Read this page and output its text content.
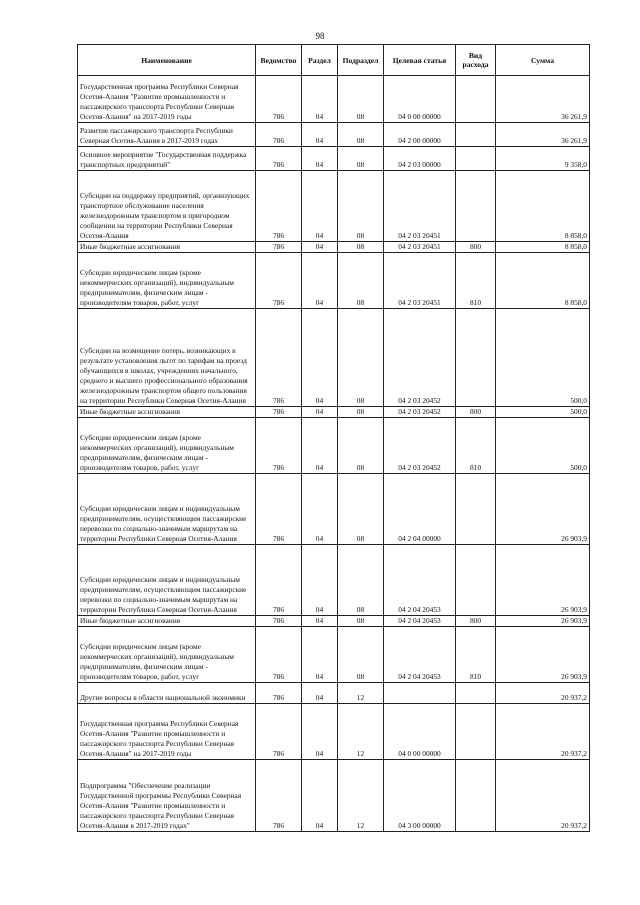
98
Наименование	Ведомство	Раздел	Подраздел	Целевая статья	Вид расхода	Сумма
Государственная программа Республики Северная Осетия-Алания "Развитие промышленности и пассажирского транспорта Республики Северная Осетия-Алания" на 2017-2019 годы	786	04	08	04 0 00 00000		36 261,9
Развитие пассажирского транспорта Республики Северная Осетия-Алания в 2017-2019 годах	786	04	08	04 2 00 00000		36 261,9
Основное мероприятие "Государственная поддержка транспортных предприятий"	786	04	08	04 2 03 00000		9 358,0
Субсидии на поддержку предприятий, организующих транспортное обслуживание населения железнодорожным транспортом в пригородном сообщении на территории Республики Северная Осетия-Алания	786	04	08	04 2 03 20451		8 858,0
Иные бюджетные ассигнования	786	04	08	04 2 03 20451	800	8 858,0
Субсидии юридическим лицам (кроме некоммерческих организаций), индивидуальным предпринимателям, физическим лицам - производителям товаров, работ, услуг	786	04	08	04 2 03 20451	810	8 858,0
Субсидии на возмещение потерь, возникающих в результате установления льгот по тарифам на проезд обучающихся в школах, учреждениях начального, среднего и высшего профессионального образования железнодорожным транспортом общего пользования на территории Республики Северная Осетия-Алания	786	04	08	04 2 03 20452		500,0
Иные бюджетные ассигнования	786	04	08	04 2 03 20452	800	500,0
Субсидии юридическим лицам (кроме некоммерческих организаций), индивидуальным предпринимателям, физическим лицам - производителям товаров, работ, услуг	786	04	08	04 2 03 20452	810	500,0
Субсидии юридическим лицам и индивидуальным предпринимателям, осуществляющим пассажирские перевозки по социально-значимым маршрутам на территории Республики Северная Осетия-Алания	786	04	08	04 2 04 00000		26 903,9
Субсидии юридическим лицам и индивидуальным предпринимателям, осуществляющим пассажирские перевозки по социально-значимым маршрутам на территории Республики Северная Осетия-Алания	786	04	08	04 2 04 20453		26 903,9
Иные бюджетные ассигнования	786	04	08	04 2 04 20453	800	26 903,9
Субсидии юридическим лицам (кроме некоммерческих организаций), индивидуальным предпринимателям, физическим лицам - производителям товаров, работ, услуг	786	04	08	04 2 04 20453	810	26 903,9
Другие вопросы в области национальной экономики	786	04	12			20 937,2
Государственная программа Республики Северная Осетия-Алания "Развитие промышленности и пассажирского транспорта Республики Северная Осетия-Алания" на 2017-2019 годы	786	04	12	04 0 00 00000		20 937,2
Подпрограмма "Обеспечение реализации Государственной программы Республики Северная Осетия-Алания "Развитие промышленности и пассажирского транспорта Республики Северная Осетия-Алания в 2017-2019 годах"	786	04	12	04 3 00 00000		20 937,2
